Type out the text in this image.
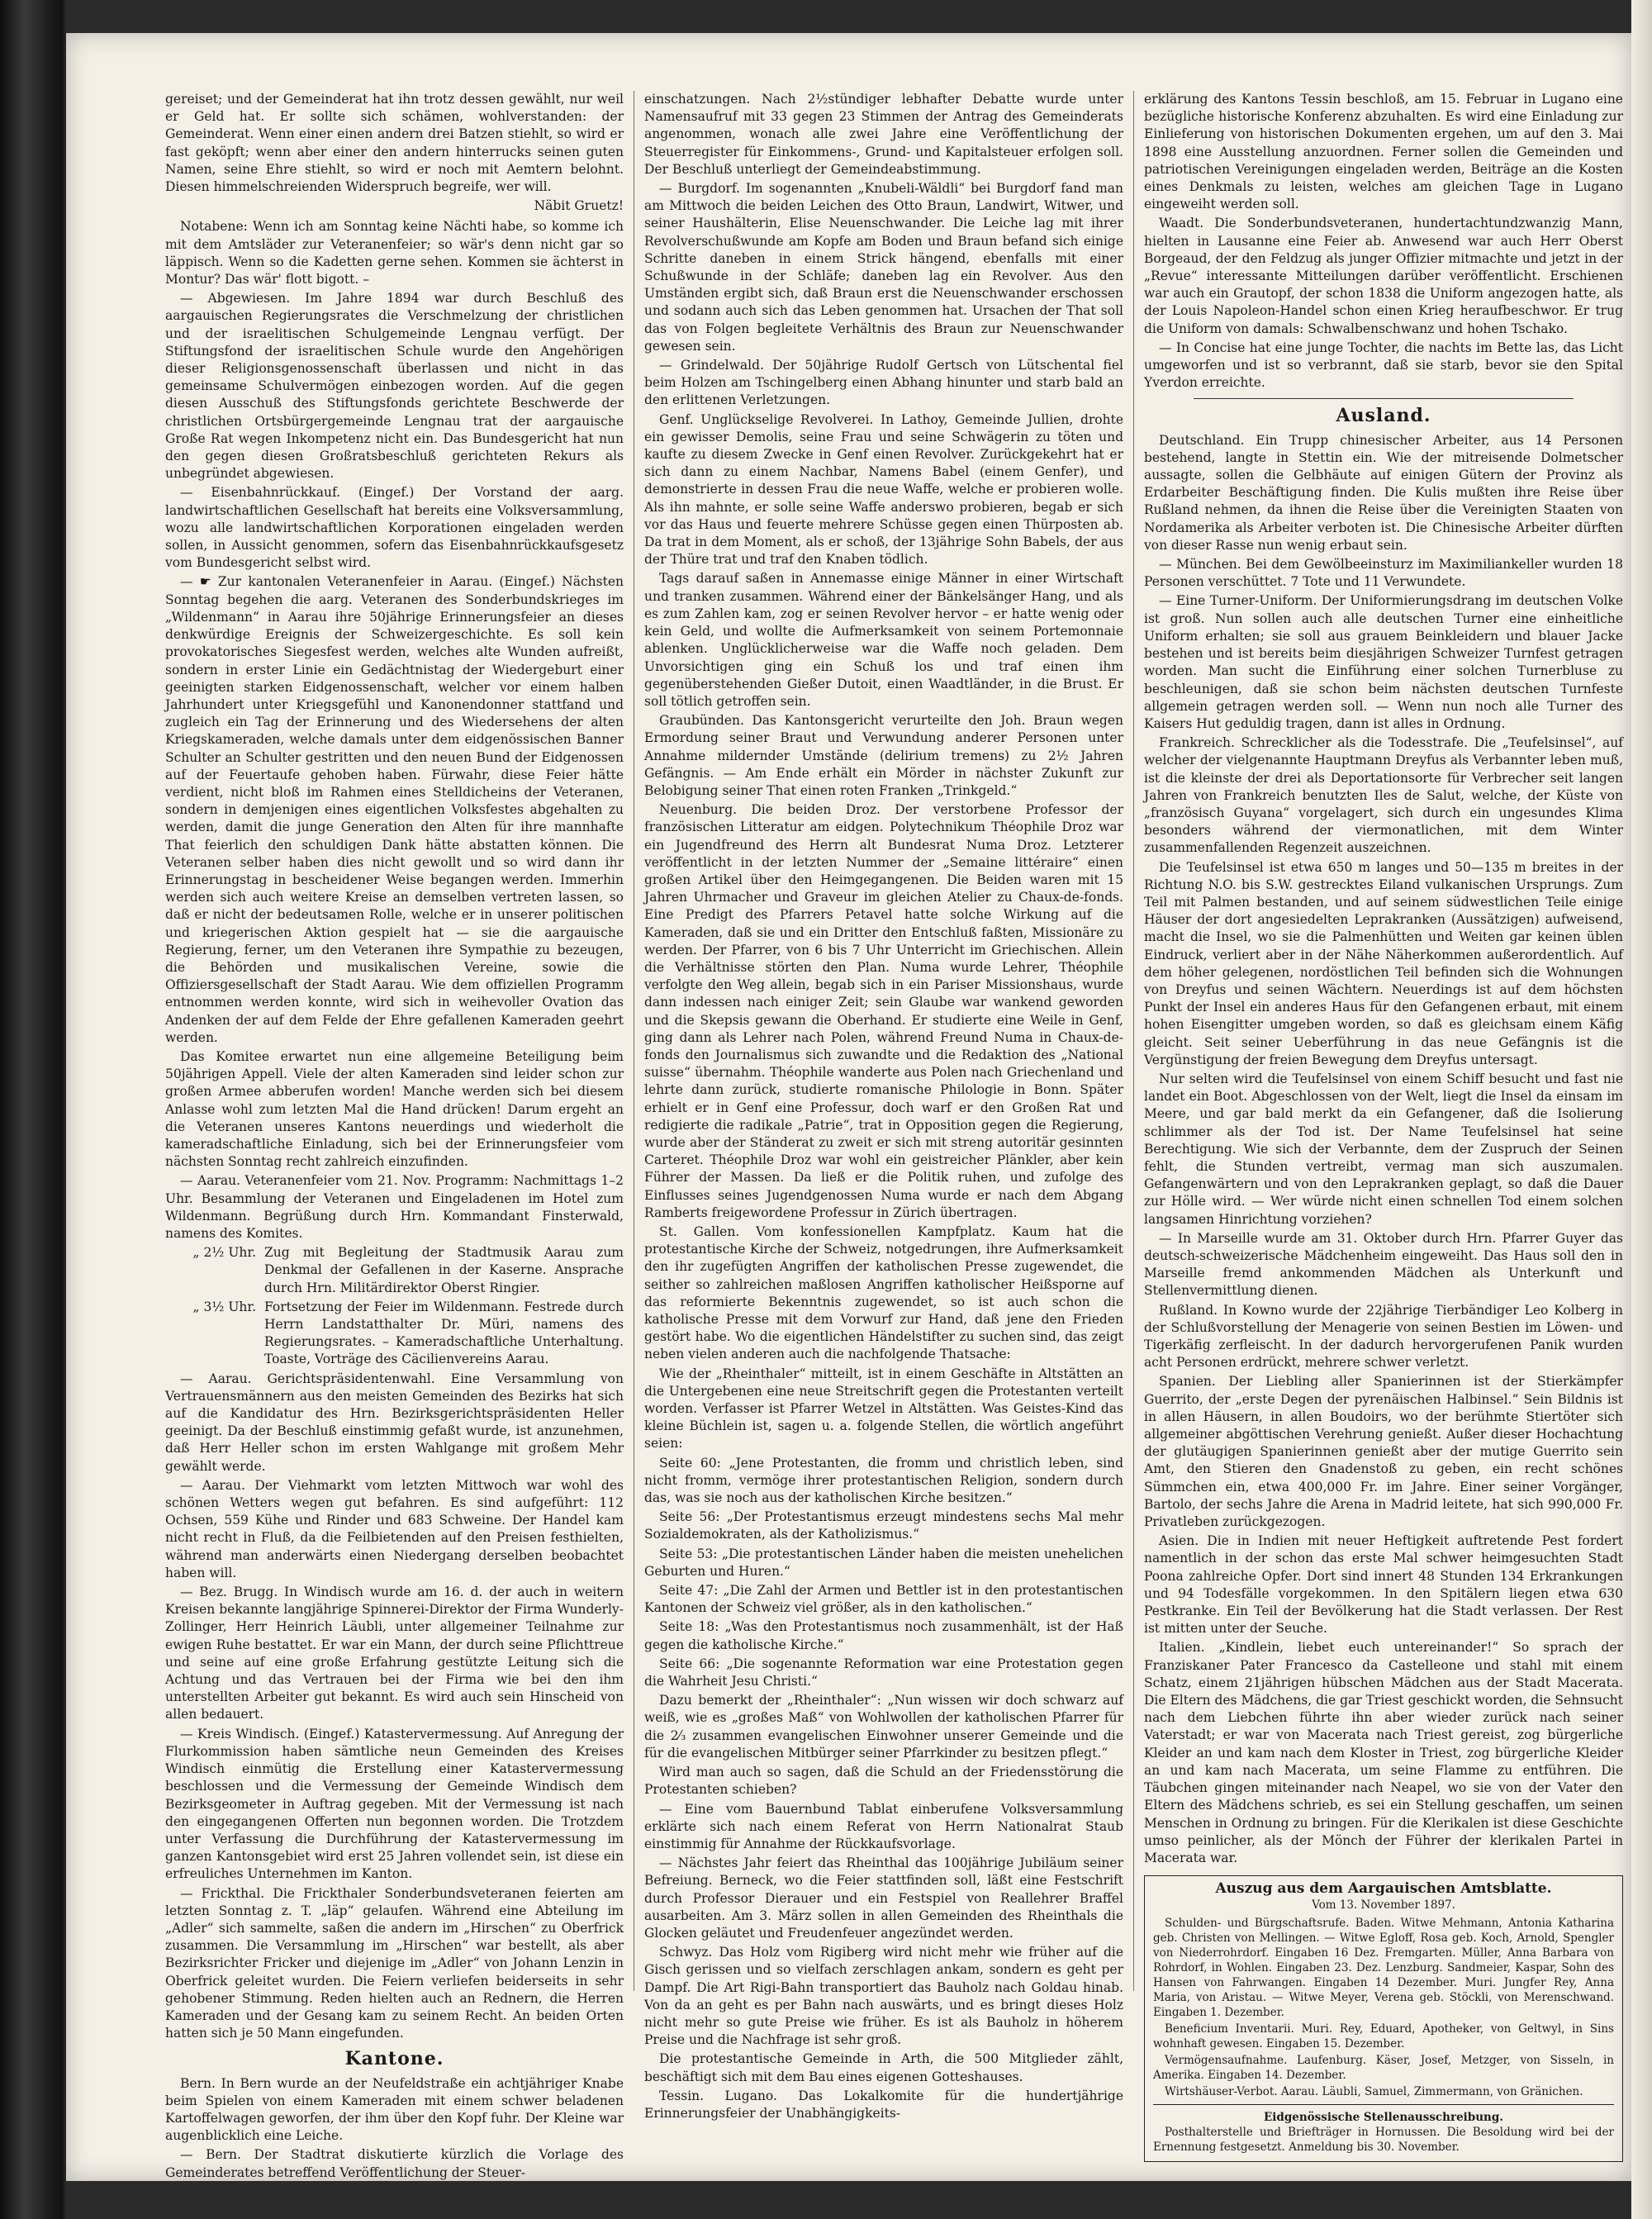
gereiset; und der Gemeinderat hat ihn trotz dessen gewählt, nur weil er Geld hat. Er sollte sich schämen, wohlverstanden: der Gemeinderat. Wenn einer einen andern drei Batzen stiehlt, so wird er fast geköpft; wenn aber einer den andern hinterrucks seinen guten Namen, seine Ehre stiehlt, so wird er noch mit Aemtern belohnt. Diesen himmelschreienden Widerspruch begreife, wer will.

Näbit Gruetz!

Notabene: Wenn ich am Sonntag keine Nächti habe, so komme ich mit dem Amtsläder zur Veteranenfeier; so wär's denn nicht gar so läppisch. Wenn so die Kadetten gerne sehen. Kommen sie ächterst in Montur? Das wär' flott bigott. –

— Abgewiesen. Im Jahre 1894 war durch Beschluß des aargauischen Regierungsrates die Verschmelzung der christlichen und der israelitischen Schulgemeinde Lengnau verfügt. Der Stiftungsfond der israelitischen Schule wurde den Angehörigen dieser Religionsgenossenschaft überlassen und nicht in das gemeinsame Schulvermögen einbezogen worden. Auf die gegen diesen Ausschuß des Stiftungsfonds gerichtete Beschwerde der christlichen Ortsbürgergemeinde Lengnau trat der aargauische Große Rat wegen Inkompetenz nicht ein. Das Bundesgericht hat nun den gegen diesen Großratsbeschluß gerichteten Rekurs als unbegründet abgewiesen.

— Eisenbahnrückkauf. (Eingef.) Der Vorstand der aarg. landwirtschaftlichen Gesellschaft hat bereits eine Volksversammlung, wozu alle landwirtschaftlichen Korporationen eingeladen werden sollen, in Aussicht genommen, sofern das Eisenbahnrückkaufsgesetz vom Bundesgericht selbst wird.

— ☛ Zur kantonalen Veteranenfeier in Aarau. (Eingef.) Nächsten Sonntag begehen die aarg. Veteranen des Sonderbundskrieges im „Wildenmann“ in Aarau ihre 50jährige Erinnerungsfeier an dieses denkwürdige Ereignis der Schweizergeschichte. Es soll kein provokatorisches Siegesfest werden, welches alte Wunden aufreißt, sondern in erster Linie ein Gedächtnistag der Wiedergeburt einer geeinigten starken Eidgenossenschaft, welcher vor einem halben Jahrhundert unter Kriegsgefühl und Kanonendonner stattfand und zugleich ein Tag der Erinnerung und des Wiedersehens der alten Kriegskameraden, welche damals unter dem eidgenössischen Banner Schulter an Schulter gestritten und den neuen Bund der Eidgenossen auf der Feuertaufe gehoben haben. Fürwahr, diese Feier hätte verdient, nicht bloß im Rahmen eines Stelldicheins der Veteranen, sondern in demjenigen eines eigentlichen Volksfestes abgehalten zu werden, damit die junge Generation den Alten für ihre mannhafte That feierlich den schuldigen Dank hätte abstatten können. Die Veteranen selber haben dies nicht gewollt und so wird dann ihr Erinnerungstag in bescheidener Weise begangen werden. Immerhin werden sich auch weitere Kreise an demselben vertreten lassen, so daß er nicht der bedeutsamen Rolle, welche er in unserer politischen und kriegerischen Aktion gespielt hat — sie die aargauische Regierung, ferner, um den Veteranen ihre Sympathie zu bezeugen, die Behörden und musikalischen Vereine, sowie die Offiziersgesellschaft der Stadt Aarau. Wie dem offiziellen Programm entnommen werden konnte, wird sich in weihevoller Ovation das Andenken der auf dem Felde der Ehre gefallenen Kameraden geehrt werden.

Das Komitee erwartet nun eine allgemeine Beteiligung beim 50jährigen Appell. Viele der alten Kameraden sind leider schon zur großen Armee abberufen worden! Manche werden sich bei diesem Anlasse wohl zum letzten Mal die Hand drücken! Darum ergeht an die Veteranen unseres Kantons neuerdings und wiederholt die kameradschaftliche Einladung, sich bei der Erinnerungsfeier vom nächsten Sonntag recht zahlreich einzufinden.

— Aarau. Veteranenfeier vom 21. Nov. Programm: Nachmittags 1–2 Uhr. Besammlung der Veteranen und Eingeladenen im Hotel zum Wildenmann. Begrüßung durch Hrn. Kommandant Finsterwald, namens des Komites.

„ 2½ Uhr. Zug mit Begleitung der Stadtmusik Aarau zum Denkmal der Gefallenen in der Kaserne. Ansprache durch Hrn. Militärdirektor Oberst Ringier.
„ 3½ Uhr. Fortsetzung der Feier im Wildenmann. Festrede durch Herrn Landstatthalter Dr. Müri, namens des Regierungsrates. – Kameradschaftliche Unterhaltung. Toaste, Vorträge des Cäcilienvereins Aarau.

— Aarau. Gerichtspräsidentenwahl. Eine Versammlung von Vertrauensmännern aus den meisten Gemeinden des Bezirks hat sich auf die Kandidatur des Hrn. Bezirksgerichtspräsidenten Heller geeinigt. Da der Beschluß einstimmig gefaßt wurde, ist anzunehmen, daß Herr Heller schon im ersten Wahlgange mit großem Mehr gewählt werde.

— Aarau. Der Viehmarkt vom letzten Mittwoch war wohl des schönen Wetters wegen gut befahren. Es sind aufgeführt: 112 Ochsen, 559 Kühe und Rinder und 683 Schweine. Der Handel kam nicht recht in Fluß, da die Feilbietenden auf den Preisen festhielten, während man anderwärts einen Niedergang derselben beobachtet haben will.

— Bez. Brugg. In Windisch wurde am 16. d. der auch in weitern Kreisen bekannte langjährige Spinnerei-Direktor der Firma Wunderly-Zollinger, Herr Heinrich Läubli, unter allgemeiner Teilnahme zur ewigen Ruhe bestattet. Er war ein Mann, der durch seine Pflichttreue und seine auf eine große Erfahrung gestützte Leitung sich die Achtung und das Vertrauen bei der Firma wie bei den ihm unterstellten Arbeiter gut bekannt. Es wird auch sein Hinscheid von allen bedauert.

— Kreis Windisch. (Eingef.) Katastervermessung. Auf Anregung der Flurkommission haben sämtliche neun Gemeinden des Kreises Windisch einmütig die Erstellung einer Katastervermessung beschlossen und die Vermessung der Gemeinde Windisch dem Bezirksgeometer in Auftrag gegeben. Mit der Vermessung ist nach den eingegangenen Offerten nun begonnen worden. Die Trotzdem unter Verfassung die Durchführung der Katastervermessung im ganzen Kantonsgebiet wird erst 25 Jahren vollendet sein, ist diese ein erfreuliches Unternehmen im Kanton.

— Frickthal. Die Frickthaler Sonderbundsveteranen feierten am letzten Sonntag z. T. „läp“ gelaufen. Während eine Abteilung im „Adler“ sich sammelte, saßen die andern im „Hirschen“ zu Oberfrick zusammen. Die Versammlung im „Hirschen“ war bestellt, als aber Bezirksrichter Fricker und diejenige im „Adler“ von Johann Lenzin in Oberfrick geleitet wurden. Die Feiern verliefen beiderseits in sehr gehobener Stimmung. Reden hielten auch an Rednern, die Herren Kameraden und der Gesang kam zu seinem Recht. An beiden Orten hatten sich je 50 Mann eingefunden.

Kantone.

Bern. In Bern wurde an der Neufeldstraße ein achtjähriger Knabe beim Spielen von einem Kameraden mit einem schwer beladenen Kartoffelwagen geworfen, der ihm über den Kopf fuhr. Der Kleine war augenblicklich eine Leiche.

— Bern. Der Stadtrat diskutierte kürzlich die Vorlage des Gemeinderates betreffend Veröffentlichung der Steuer-

einschatzungen. Nach 2½stündiger lebhafter Debatte wurde unter Namensaufruf mit 33 gegen 23 Stimmen der Antrag des Gemeinderats angenommen, wonach alle zwei Jahre eine Veröffentlichung der Steuerregister für Einkommens-, Grund- und Kapitalsteuer erfolgen soll. Der Beschluß unterliegt der Gemeindeabstimmung.

— Burgdorf. Im sogenannten „Knubeli-Wäldli“ bei Burgdorf fand man am Mittwoch die beiden Leichen des Otto Braun, Landwirt, Witwer, und seiner Haushälterin, Elise Neuenschwander. Die Leiche lag mit ihrer Revolverschußwunde am Kopfe am Boden und Braun befand sich einige Schritte daneben in einem Strick hängend, ebenfalls mit einer Schußwunde in der Schläfe; daneben lag ein Revolver. Aus den Umständen ergibt sich, daß Braun erst die Neuenschwander erschossen und sodann auch sich das Leben genommen hat. Ursachen der That soll das von Folgen begleitete Verhältnis des Braun zur Neuenschwander gewesen sein.

— Grindelwald. Der 50jährige Rudolf Gertsch von Lütschental fiel beim Holzen am Tschingelberg einen Abhang hinunter und starb bald an den erlittenen Verletzungen.

Genf. Unglückselige Revolverei. In Lathoy, Gemeinde Jullien, drohte ein gewisser Demolis, seine Frau und seine Schwägerin zu töten und kaufte zu diesem Zwecke in Genf einen Revolver. Zurückgekehrt hat er sich dann zu einem Nachbar, Namens Babel (einem Genfer), und demonstrierte in dessen Frau die neue Waffe, welche er probieren wolle. Als ihn mahnte, er solle seine Waffe anderswo probieren, begab er sich vor das Haus und feuerte mehrere Schüsse gegen einen Thürposten ab. Da trat in dem Moment, als er schoß, der 13jährige Sohn Babels, der aus der Thüre trat und traf den Knaben tödlich.

Tags darauf saßen in Annemasse einige Männer in einer Wirtschaft und tranken zusammen. Während einer der Bänkelsänger Hang, und als es zum Zahlen kam, zog er seinen Revolver hervor – er hatte wenig oder kein Geld, und wollte die Aufmerksamkeit von seinem Portemonnaie ablenken. Unglücklicherweise war die Waffe noch geladen. Dem Unvorsichtigen ging ein Schuß los und traf einen ihm gegenüberstehenden Gießer Dutoit, einen Waadtländer, in die Brust. Er soll tötlich getroffen sein.

Graubünden. Das Kantonsgericht verurteilte den Joh. Braun wegen Ermordung seiner Braut und Verwundung anderer Personen unter Annahme mildernder Umstände (delirium tremens) zu 2½ Jahren Gefängnis. — Am Ende erhält ein Mörder in nächster Zukunft zur Belobigung seiner That einen roten Franken „Trinkgeld.“

Neuenburg. Die beiden Droz. Der verstorbene Professor der französischen Litteratur am eidgen. Polytechnikum Théophile Droz war ein Jugendfreund des Herrn alt Bundesrat Numa Droz. Letzterer veröffentlicht in der letzten Nummer der „Semaine littéraire“ einen großen Artikel über den Heimgegangenen. Die Beiden waren mit 15 Jahren Uhrmacher und Graveur im gleichen Atelier zu Chaux-de-fonds. Eine Predigt des Pfarrers Petavel hatte solche Wirkung auf die Kameraden, daß sie und ein Dritter den Entschluß faßten, Missionäre zu werden. Der Pfarrer, von 6 bis 7 Uhr Unterricht im Griechischen. Allein die Verhältnisse störten den Plan. Numa wurde Lehrer, Théophile verfolgte den Weg allein, begab sich in ein Pariser Missionshaus, wurde dann indessen nach einiger Zeit; sein Glaube war wankend geworden und die Skepsis gewann die Oberhand. Er studierte eine Weile in Genf, ging dann als Lehrer nach Polen, während Freund Numa in Chaux-de-fonds den Journalismus sich zuwandte und die Redaktion des „National suisse“ übernahm. Théophile wanderte aus Polen nach Griechenland und lehrte dann zurück, studierte romanische Philologie in Bonn. Später erhielt er in Genf eine Professur, doch warf er den Großen Rat und redigierte die radikale „Patrie“, trat in Opposition gegen die Regierung, wurde aber der Ständerat zu zweit er sich mit streng autoritär gesinnten Carteret. Théophile Droz war wohl ein geistreicher Plänkler, aber kein Führer der Massen. Da ließ er die Politik ruhen, und zufolge des Einflusses seines Jugendgenossen Numa wurde er nach dem Abgang Ramberts freigewordene Professur in Zürich übertragen.

St. Gallen. Vom konfessionellen Kampfplatz. Kaum hat die protestantische Kirche der Schweiz, notgedrungen, ihre Aufmerksamkeit den ihr zugefügten Angriffen der katholischen Presse zugewendet, die seither so zahlreichen maßlosen Angriffen katholischer Heißsporne auf das reformierte Bekenntnis zugewendet, so ist auch schon die katholische Presse mit dem Vorwurf zur Hand, daß jene den Frieden gestört habe. Wo die eigentlichen Händelstifter zu suchen sind, das zeigt neben vielen anderen auch die nachfolgende Thatsache:

Wie der „Rheinthaler“ mitteilt, ist in einem Geschäfte in Altstätten an die Untergebenen eine neue Streitschrift gegen die Protestanten verteilt worden. Verfasser ist Pfarrer Wetzel in Altstätten. Was Geistes-Kind das kleine Büchlein ist, sagen u. a. folgende Stellen, die wörtlich angeführt seien:

Seite 60: „Jene Protestanten, die fromm und christlich leben, sind nicht fromm, vermöge ihrer protestantischen Religion, sondern durch das, was sie noch aus der katholischen Kirche besitzen.“

Seite 56: „Der Protestantismus erzeugt mindestens sechs Mal mehr Sozialdemokraten, als der Katholizismus.“

Seite 53: „Die protestantischen Länder haben die meisten unehelichen Geburten und Huren.“

Seite 47: „Die Zahl der Armen und Bettler ist in den protestantischen Kantonen der Schweiz viel größer, als in den katholischen.“

Seite 18: „Was den Protestantismus noch zusammenhält, ist der Haß gegen die katholische Kirche.“

Seite 66: „Die sogenannte Reformation war eine Protestation gegen die Wahrheit Jesu Christi.“

Dazu bemerkt der „Rheinthaler“: „Nun wissen wir doch schwarz auf weiß, wie es „großes Maß“ von Wohlwollen der katholischen Pfarrer für die 2⁄₃ zusammen evangelischen Einwohner unserer Gemeinde und die für die evangelischen Mitbürger seiner Pfarrkinder zu besitzen pflegt.“

Wird man auch so sagen, daß die Schuld an der Friedensstörung die Protestanten schieben?

— Eine vom Bauernbund Tablat einberufene Volksversammlung erklärte sich nach einem Referat von Herrn Nationalrat Staub einstimmig für Annahme der Rückkaufsvorlage.

— Nächstes Jahr feiert das Rheinthal das 100jährige Jubiläum seiner Befreiung. Berneck, wo die Feier stattfinden soll, läßt eine Festschrift durch Professor Dierauer und ein Festspiel von Reallehrer Braffel ausarbeiten. Am 3. März sollen in allen Gemeinden des Rheinthals die Glocken geläutet und Freudenfeuer angezündet werden.

Schwyz. Das Holz vom Rigiberg wird nicht mehr wie früher auf die Gisch gerissen und so vielfach zerschlagen ankam, sondern es geht per Dampf. Die Art Rigi-Bahn transportiert das Bauholz nach Goldau hinab. Von da an geht es per Bahn nach auswärts, und es bringt dieses Holz nicht mehr so gute Preise wie früher. Es ist als Bauholz in höherem Preise und die Nachfrage ist sehr groß.

Die protestantische Gemeinde in Arth, die 500 Mitglieder zählt, beschäftigt sich mit dem Bau eines eigenen Gotteshauses.

Tessin. Lugano. Das Lokalkomite für die hundertjährige Erinnerungsfeier der Unabhängigkeits-

erklärung des Kantons Tessin beschloß, am 15. Februar in Lugano eine bezügliche historische Konferenz abzuhalten. Es wird eine Einladung zur Einlieferung von historischen Dokumenten ergehen, um auf den 3. Mai 1898 eine Ausstellung anzuordnen. Ferner sollen die Gemeinden und patriotischen Vereinigungen eingeladen werden, Beiträge an die Kosten eines Denkmals zu leisten, welches am gleichen Tage in Lugano eingeweiht werden soll.

Waadt. Die Sonderbundsveteranen, hundertachtundzwanzig Mann, hielten in Lausanne eine Feier ab. Anwesend war auch Herr Oberst Borgeaud, der den Feldzug als junger Offizier mitmachte und jetzt in der „Revue“ interessante Mitteilungen darüber veröffentlicht. Erschienen war auch ein Grautopf, der schon 1838 die Uniform angezogen hatte, als der Louis Napoleon-Handel schon einen Krieg heraufbeschwor. Er trug die Uniform von damals: Schwalbenschwanz und hohen Tschako.

— In Concise hat eine junge Tochter, die nachts im Bette las, das Licht umgeworfen und ist so verbrannt, daß sie starb, bevor sie den Spital Yverdon erreichte.

Ausland.

Deutschland. Ein Trupp chinesischer Arbeiter, aus 14 Personen bestehend, langte in Stettin ein. Wie der mitreisende Dolmetscher aussagte, sollen die Gelbhäute auf einigen Gütern der Provinz als Erdarbeiter Beschäftigung finden. Die Kulis mußten ihre Reise über Rußland nehmen, da ihnen die Reise über die Vereinigten Staaten von Nordamerika als Arbeiter verboten ist. Die Chinesische Arbeiter dürften von dieser Rasse nun wenig erbaut sein.

— München. Bei dem Gewölbeeinsturz im Maximiliankeller wurden 18 Personen verschüttet. 7 Tote und 11 Verwundete.

— Eine Turner-Uniform. Der Uniformierungsdrang im deutschen Volke ist groß. Nun sollen auch alle deutschen Turner eine einheitliche Uniform erhalten; sie soll aus grauem Beinkleidern und blauer Jacke bestehen und ist bereits beim diesjährigen Schweizer Turnfest getragen worden. Man sucht die Einführung einer solchen Turnerbluse zu beschleunigen, daß sie schon beim nächsten deutschen Turnfeste allgemein getragen werden soll. — Wenn nun noch alle Turner des Kaisers Hut geduldig tragen, dann ist alles in Ordnung.

Frankreich. Schrecklicher als die Todesstrafe. Die „Teufelsinsel“, auf welcher der vielgenannte Hauptmann Dreyfus als Verbannter leben muß, ist die kleinste der drei als Deportationsorte für Verbrecher seit langen Jahren von Frankreich benutzten Iles de Salut, welche, der Küste von „französisch Guyana“ vorgelagert, sich durch ein ungesundes Klima besonders während der viermonatlichen, mit dem Winter zusammenfallenden Regenzeit auszeichnen.

Die Teufelsinsel ist etwa 650 m langes und 50—135 m breites in der Richtung N.O. bis S.W. gestrecktes Eiland vulkanischen Ursprungs. Zum Teil mit Palmen bestanden, und auf seinem südwestlichen Teile einige Häuser der dort angesiedelten Leprakranken (Aussätzigen) aufweisend, macht die Insel, wo sie die Palmenhütten und Weiten gar keinen üblen Eindruck, verliert aber in der Nähe Näherkommen außerordentlich. Auf dem höher gelegenen, nordöstlichen Teil befinden sich die Wohnungen von Dreyfus und seinen Wächtern. Neuerdings ist auf dem höchsten Punkt der Insel ein anderes Haus für den Gefangenen erbaut, mit einem hohen Eisengitter umgeben worden, so daß es gleichsam einem Käfig gleicht. Seit seiner Ueberführung in das neue Gefängnis ist die Vergünstigung der freien Bewegung dem Dreyfus untersagt.

Nur selten wird die Teufelsinsel von einem Schiff besucht und fast nie landet ein Boot. Abgeschlossen von der Welt, liegt die Insel da einsam im Meere, und gar bald merkt da ein Gefangener, daß die Isolierung schlimmer als der Tod ist. Der Name Teufelsinsel hat seine Berechtigung. Wie sich der Verbannte, dem der Zuspruch der Seinen fehlt, die Stunden vertreibt, vermag man sich auszumalen. Gefangenwärtern und von den Leprakranken geplagt, so daß die Dauer zur Hölle wird. — Wer würde nicht einen schnellen Tod einem solchen langsamen Hinrichtung vorziehen?

— In Marseille wurde am 31. Oktober durch Hrn. Pfarrer Guyer das deutsch-schweizerische Mädchenheim eingeweiht. Das Haus soll den in Marseille fremd ankommenden Mädchen als Unterkunft und Stellenvermittlung dienen.

Rußland. In Kowno wurde der 22jährige Tierbändiger Leo Kolberg in der Schlußvorstellung der Menagerie von seinen Bestien im Löwen- und Tigerkäfig zerfleischt. In der dadurch hervorgerufenen Panik wurden acht Personen erdrückt, mehrere schwer verletzt.

Spanien. Der Liebling aller Spanierinnen ist der Stierkämpfer Guerrito, der „erste Degen der pyrenäischen Halbinsel.“ Sein Bildnis ist in allen Häusern, in allen Boudoirs, wo der berühmte Stiertöter sich allgemeiner abgöttischen Verehrung genießt. Außer dieser Hochachtung der glutäugigen Spanierinnen genießt aber der mutige Guerrito sein Amt, den Stieren den Gnadenstoß zu geben, ein recht schönes Sümmchen ein, etwa 400,000 Fr. im Jahre. Einer seiner Vorgänger, Bartolo, der sechs Jahre die Arena in Madrid leitete, hat sich 990,000 Fr. Privatleben zurückgezogen.

Asien. Die in Indien mit neuer Heftigkeit auftretende Pest fordert namentlich in der schon das erste Mal schwer heimgesuchten Stadt Poona zahlreiche Opfer. Dort sind innert 48 Stunden 134 Erkrankungen und 94 Todesfälle vorgekommen. In den Spitälern liegen etwa 630 Pestkranke. Ein Teil der Bevölkerung hat die Stadt verlassen. Der Rest ist mitten unter der Seuche.

Italien. „Kindlein, liebet euch untereinander!“ So sprach der Franziskaner Pater Francesco da Castelleone und stahl mit einem Schatz, einem 21jährigen hübschen Mädchen aus der Stadt Macerata. Die Eltern des Mädchens, die gar Triest geschickt worden, die Sehnsucht nach dem Liebchen führte ihn aber wieder zurück nach seiner Vaterstadt; er war von Macerata nach Triest gereist, zog bürgerliche Kleider an und kam nach dem Kloster in Triest, zog bürgerliche Kleider an und kam nach Macerata, um seine Flamme zu entführen. Die Täubchen gingen miteinander nach Neapel, wo sie von der Vater den Eltern des Mädchens schrieb, es sei ein Stellung geschaffen, um seinen Menschen in Ordnung zu bringen. Für die Klerikalen ist diese Geschichte umso peinlicher, als der Mönch der Führer der klerikalen Partei in Macerata war.

Auszug aus dem Aargauischen Amtsblatte.
Vom 13. November 1897.
Schulden- und Bürgschaftsrufe. Baden. Witwe Mehmann, Antonia Katharina geb. Christen von Mellingen. — Witwe Egloff, Rosa geb. Koch, Arnold, Spengler von Niederrohrdorf. Eingaben 16 Dez. Fremgarten. Müller, Anna Barbara von Rohrdorf, in Wohlen. Eingaben 23. Dez. Lenzburg. Sandmeier, Kaspar, Sohn des Hansen von Fahrwangen. Eingaben 14 Dezember. Muri. Jungfer Rey, Anna Maria, von Aristau. — Witwe Meyer, Verena geb. Stöckli, von Merenschwand. Eingaben 1. Dezember.
Beneficium Inventarii. Muri. Rey, Eduard, Apotheker, von Geltwyl, in Sins wohnhaft gewesen. Eingaben 15. Dezember.
Vermögensaufnahme. Laufenburg. Käser, Josef, Metzger, von Sisseln, in Amerika. Eingaben 14. Dezember.
Wirtshäuser-Verbot. Aarau. Läubli, Samuel, Zimmermann, von Gränichen.
Eidgenössische Stellenausschreibung.
Posthalterstelle und Briefträger in Hornussen. Die Besoldung wird bei der Ernennung festgesetzt. Anmeldung bis 30. November.
